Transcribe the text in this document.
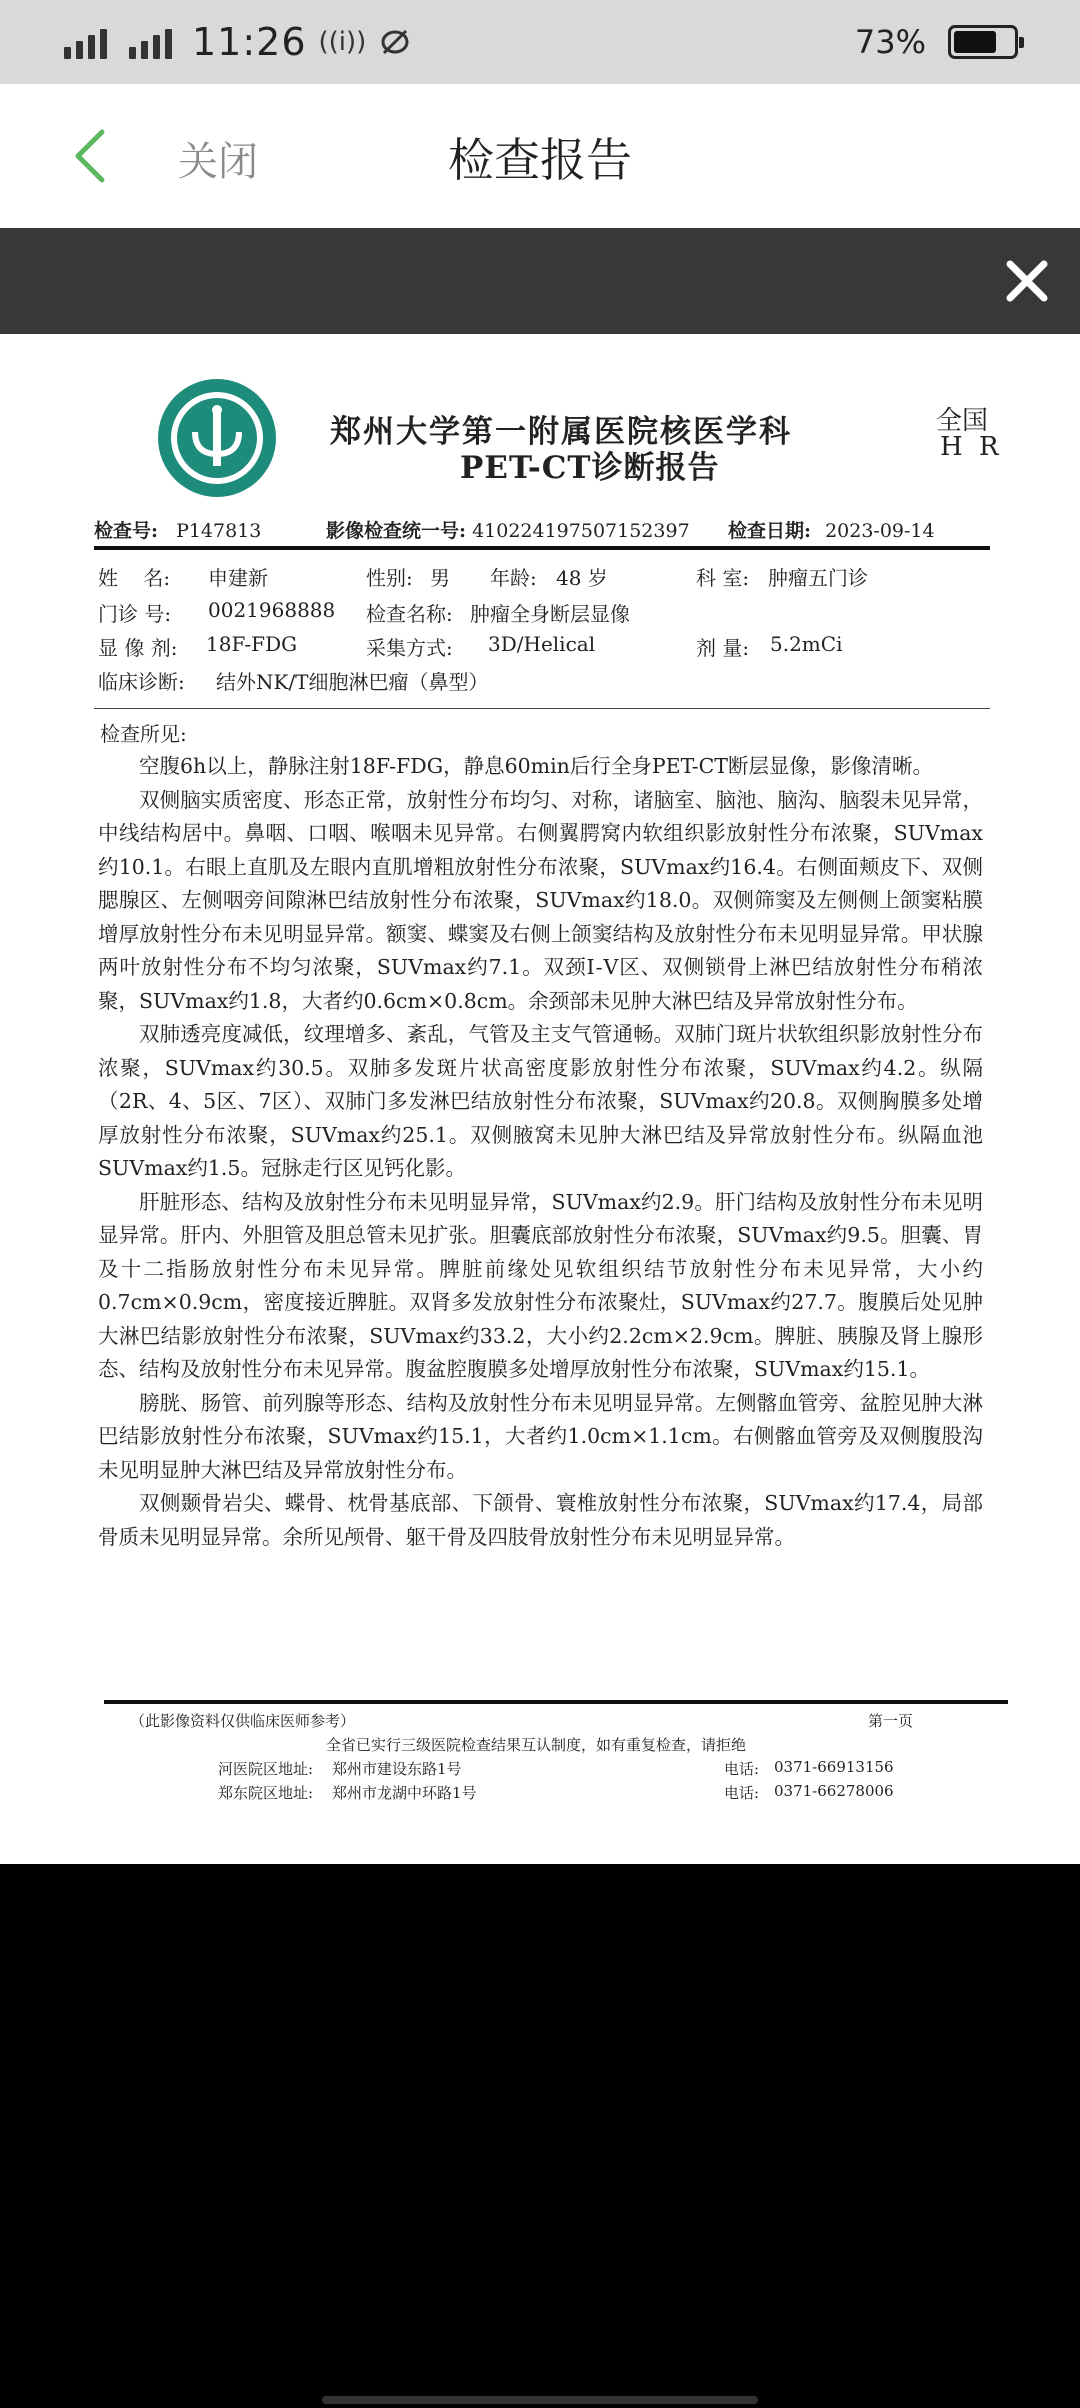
11:26 ((i))	73%
关闭	检查报告
郑州大学第一附属医院核医学科
PET-CT诊断报告
全国
H R
检查号: P147813	影像检查统一号: 410224197507152397 检查日期: 2023-09-14
姓    名: 申建新	性别: 男 年龄: 48 岁	科 室: 肿瘤五门诊
门诊 号: 0021968888 检查名称: 肿瘤全身断层显像
显 像 剂: 18F-FDG	采集方式: 3D/Helical	剂 量: 5.2mCi
临床诊断: 结外NK/T细胞淋巴瘤（鼻型）
检查所见:

空腹6h以上，静脉注射18F-FDG，静息60min后行全身PET-CT断层显像，影像清晰。

双侧脑实质密度、形态正常，放射性分布均匀、对称，诸脑室、脑池、脑沟、脑裂未见异常，中线结构居中。鼻咽、口咽、喉咽未见异常。右侧翼腭窝内软组织影放射性分布浓聚，SUVmax约10.1。右眼上直肌及左眼内直肌增粗放射性分布浓聚，SUVmax约16.4。右侧面颊皮下、双侧腮腺区、左侧咽旁间隙淋巴结放射性分布浓聚，SUVmax约18.0。双侧筛窦及左侧侧上颌窦粘膜增厚放射性分布未见明显异常。额窦、蝶窦及右侧上颌窦结构及放射性分布未见明显异常。甲状腺两叶放射性分布不均匀浓聚，SUVmax约7.1。双颈Ⅰ-Ⅴ区、双侧锁骨上淋巴结放射性分布稍浓聚，SUVmax约1.8，大者约0.6cm×0.8cm。余颈部未见肿大淋巴结及异常放射性分布。

双肺透亮度减低，纹理增多、紊乱，气管及主支气管通畅。双肺门斑片状软组织影放射性分布浓聚，SUVmax约30.5。双肺多发斑片状高密度影放射性分布浓聚，SUVmax约4.2。纵隔（2R、4、5区、7区）、双肺门多发淋巴结放射性分布浓聚，SUVmax约20.8。双侧胸膜多处增厚放射性分布浓聚，SUVmax约25.1。双侧腋窝未见肿大淋巴结及异常放射性分布。纵隔血池SUVmax约1.5。冠脉走行区见钙化影。

肝脏形态、结构及放射性分布未见明显异常，SUVmax约2.9。肝门结构及放射性分布未见明显异常。肝内、外胆管及胆总管未见扩张。胆囊底部放射性分布浓聚，SUVmax约9.5。胆囊、胃及十二指肠放射性分布未见异常。脾脏前缘处见软组织结节放射性分布未见异常，大小约0.7cm×0.9cm，密度接近脾脏。双肾多发放射性分布浓聚灶，SUVmax约27.7。腹膜后处见肿大淋巴结影放射性分布浓聚，SUVmax约33.2，大小约2.2cm×2.9cm。脾脏、胰腺及肾上腺形态、结构及放射性分布未见异常。腹盆腔腹膜多处增厚放射性分布浓聚，SUVmax约15.1。

膀胱、肠管、前列腺等形态、结构及放射性分布未见明显异常。左侧髂血管旁、盆腔见肿大淋巴结影放射性分布浓聚，SUVmax约15.1，大者约1.0cm×1.1cm。右侧髂血管旁及双侧腹股沟未见明显肿大淋巴结及异常放射性分布。

双侧颞骨岩尖、蝶骨、枕骨基底部、下颌骨、寰椎放射性分布浓聚，SUVmax约17.4，局部骨质未见明显异常。余所见颅骨、躯干骨及四肢骨放射性分布未见明显异常。

（此影像资料仅供临床医师参考）	第一页
全省已实行三级医院检查结果互认制度，如有重复检查，请拒绝
河医院区地址: 郑州市建设东路1号	电话: 0371-66913156
郑东院区地址: 郑州市龙湖中环路1号	电话: 0371-66278006
